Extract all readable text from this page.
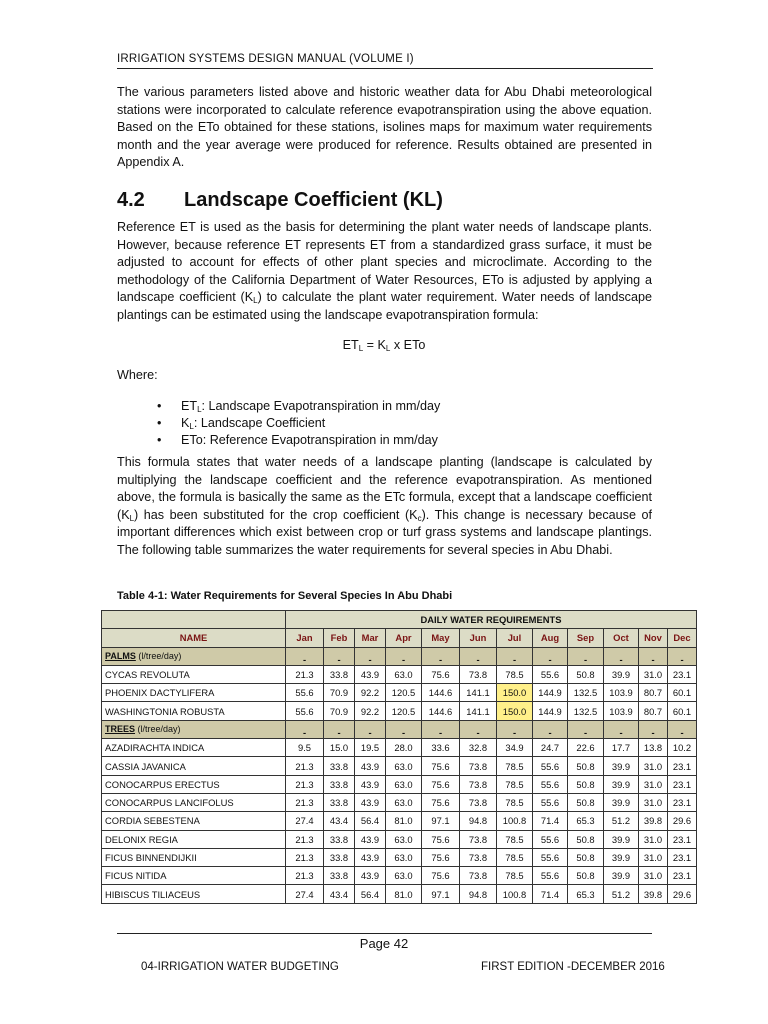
IRRIGATION SYSTEMS DESIGN MANUAL (VOLUME I)

The various parameters listed above and historic weather data for Abu Dhabi meteorological stations were incorporated to calculate reference evapotranspiration using the above equation. Based on the ETo obtained for these stations, isolines maps for maximum water requirements month and the year average were produced for reference. Results obtained are presented in Appendix A.

4.2 Landscape Coefficient (KL)

Reference ET is used as the basis for determining the plant water needs of landscape plants. However, because reference ET represents ET from a standardized grass surface, it must be adjusted to account for effects of other plant species and microclimate. According to the methodology of the California Department of Water Resources, ETo is adjusted by applying a landscape coefficient $(K_L)$ to calculate the plant water requirement. Water needs of landscape plantings can be estimated using the landscape evapotranspiration formula:

$ET_L = K_L$ x ETo
Where:
• $ET_L$: Landscape Evapotranspiration in mm/day
• $K_L$: Landscape Coefficient
• ETo: Reference Evapotranspiration in mm/day

This formula states that water needs of a landscape planting (landscape is calculated by multiplying the landscape coefficient and the reference evapotranspiration. As mentioned above, the formula is basically the same as the ETc formula, except that a landscape coefficient $(K_L)$ has been substituted for the crop coefficient $(K_c)$. This change is necessary because of important differences which exist between crop or turf grass systems and landscape plantings. The following table summarizes the water requirements for several species in Abu Dhabi.

Table 4-1: Water Requirements for Several Species In Abu Dhabi
	DAILY WATER REQUIREMENTS											
NAME	Jan	Feb	Mar	Apr	May	Jun	Jul	Aug	Sep	Oct	Nov	Dec
PALMS (l/tree/day)	-	-	-	-	-	-	-	-	-	-	-	-
CYCAS REVOLUTA	21.3	33.8	43.9	63.0	75.6	73.8	78.5	55.6	50.8	39.9	31.0	23.1
PHOENIX DACTYLIFERA	55.6	70.9	92.2	120.5	144.6	141.1	150.0	144.9	132.5	103.9	80.7	60.1
WASHINGTONIA ROBUSTA	55.6	70.9	92.2	120.5	144.6	141.1	150.0	144.9	132.5	103.9	80.7	60.1
TREES (l/tree/day)	-	-	-	-	-	-	-	-	-	-	-	-
AZADIRACHTA INDICA	9.5	15.0	19.5	28.0	33.6	32.8	34.9	24.7	22.6	17.7	13.8	10.2
CASSIA JAVANICA	21.3	33.8	43.9	63.0	75.6	73.8	78.5	55.6	50.8	39.9	31.0	23.1
CONOCARPUS ERECTUS	21.3	33.8	43.9	63.0	75.6	73.8	78.5	55.6	50.8	39.9	31.0	23.1
CONOCARPUS LANCIFOLUS	21.3	33.8	43.9	63.0	75.6	73.8	78.5	55.6	50.8	39.9	31.0	23.1
CORDIA SEBESTENA	27.4	43.4	56.4	81.0	97.1	94.8	100.8	71.4	65.3	51.2	39.8	29.6
DELONIX REGIA	21.3	33.8	43.9	63.0	75.6	73.8	78.5	55.6	50.8	39.9	31.0	23.1
FICUS BINNENDIJKII	21.3	33.8	43.9	63.0	75.6	73.8	78.5	55.6	50.8	39.9	31.0	23.1
FICUS NITIDA	21.3	33.8	43.9	63.0	75.6	73.8	78.5	55.6	50.8	39.9	31.0	23.1
HIBISCUS TILIACEUS	27.4	43.4	56.4	81.0	97.1	94.8	100.8	71.4	65.3	51.2	39.8	29.6
Page 42
04-IRRIGATION WATER BUDGETING	FIRST EDITION -DECEMBER 2016
